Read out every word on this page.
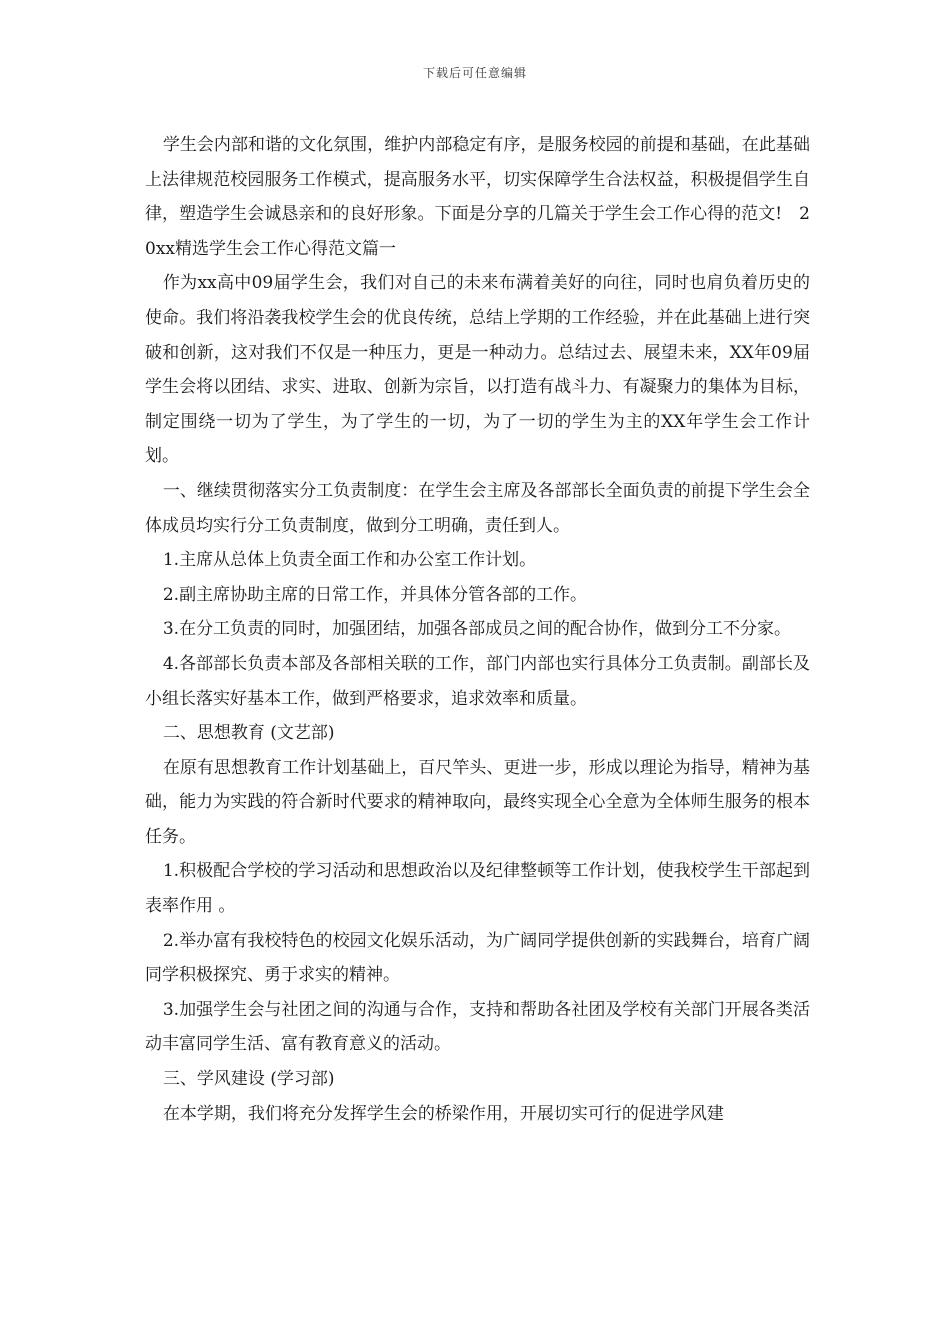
下载后可任意编辑

学生会内部和谐的文化氛围，维护内部稳定有序，是服务校园的前提和基础，在此基础上法律规范校园服务工作模式，提高服务水平，切实保障学生合法权益，积极提倡学生自律，塑造学生会诚恳亲和的良好形象。下面是分享的几篇关于学生会工作心得的范文!　20xx精选学生会工作心得范文篇一

作为xx高中09届学生会，我们对自己的未来布满着美好的向往，同时也肩负着历史的使命。我们将沿袭我校学生会的优良传统，总结上学期的工作经验，并在此基础上进行突破和创新，这对我们不仅是一种压力，更是一种动力。总结过去、展望未来，XX年09届学生会将以团结、求实、进取、创新为宗旨，以打造有战斗力、有凝聚力的集体为目标，制定围绕一切为了学生，为了学生的一切，为了一切的学生为主的XX年学生会工作计划。

一、继续贯彻落实分工负责制度：在学生会主席及各部部长全面负责的前提下学生会全体成员均实行分工负责制度，做到分工明确，责任到人。

1.主席从总体上负责全面工作和办公室工作计划。

2.副主席协助主席的日常工作，并具体分管各部的工作。

3.在分工负责的同时，加强团结，加强各部成员之间的配合协作，做到分工不分家。

4.各部部长负责本部及各部相关联的工作，部门内部也实行具体分工负责制。副部长及小组长落实好基本工作，做到严格要求，追求效率和质量。

二、思想教育 (文艺部)

在原有思想教育工作计划基础上，百尺竿头、更进一步，形成以理论为指导，精神为基础，能力为实践的符合新时代要求的精神取向，最终实现全心全意为全体师生服务的根本任务。

1.积极配合学校的学习活动和思想政治以及纪律整顿等工作计划，使我校学生干部起到表率作用 。

2.举办富有我校特色的校园文化娱乐活动，为广阔同学提供创新的实践舞台，培育广阔同学积极探究、勇于求实的精神。

3.加强学生会与社团之间的沟通与合作，支持和帮助各社团及学校有关部门开展各类活动丰富同学生活、富有教育意义的活动。

三、学风建设 (学习部)

在本学期，我们将充分发挥学生会的桥梁作用，开展切实可行的促进学风建
